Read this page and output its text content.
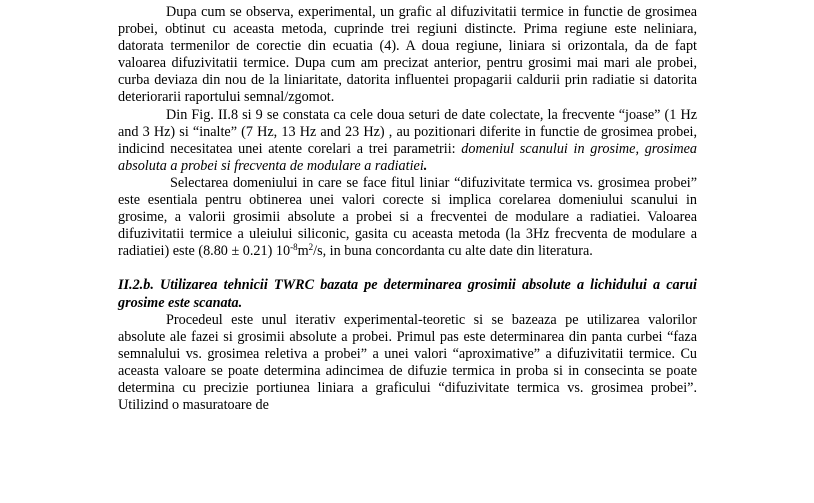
Dupa cum se observa, experimental, un grafic al difuzivitatii termice in functie de grosimea probei, obtinut cu aceasta metoda, cuprinde trei regiuni distincte. Prima regiune este neliniara, datorata termenilor de corectie din ecuatia (4). A doua regiune, liniara si orizontala, da de fapt valoarea difuzivitatii termice. Dupa cum am precizat anterior, pentru grosimi mai mari ale probei, curba deviaza din nou de la liniaritate, datorita influentei propagarii caldurii prin radiatie si datorita deteriorarii raportului semnal/zgomot.

Din Fig. II.8 si 9 se constata ca cele doua seturi de date colectate, la frecvente “joase” (1 Hz and 3 Hz) si “inalte” (7 Hz, 13 Hz and 23 Hz) , au pozitionari diferite in functie de grosimea probei, indicind necesitatea unei atente corelari a trei parametrii: domeniul scanului in grosime, grosimea absoluta a probei si frecventa de modulare a radiatiei.

Selectarea domeniului in care se face fitul liniar “difuzivitate termica vs. grosimea probei” este esentiala pentru obtinerea unei valori corecte si implica corelarea domeniului scanului in grosime, a valorii grosimii absolute a probei si a frecventei de modulare a radiatiei. Valoarea difuzivitatii termice a uleiului siliconic, gasita cu aceasta metoda (la 3Hz frecventa de modulare a radiatiei) este (8.80 ± 0.21) $10^{-8}m^2/s$, in buna concordanta cu alte date din literatura.

II.2.b. Utilizarea tehnicii TWRC bazata pe determinarea grosimii absolute a lichidului a carui grosime este scanata.

Procedeul este unul iterativ experimental-teoretic si se bazeaza pe utilizarea valorilor absolute ale fazei si grosimii absolute a probei. Primul pas este determinarea din panta curbei “faza semnalului vs. grosimea reletiva a probei” a unei valori “aproximative” a difuzivitatii termice. Cu aceasta valoare se poate determina adincimea de difuzie termica in proba si in consecinta se poate determina cu precizie portiunea liniara a graficului “difuzivitate termica vs. grosimea probei”. Utilizind o masuratoare de
